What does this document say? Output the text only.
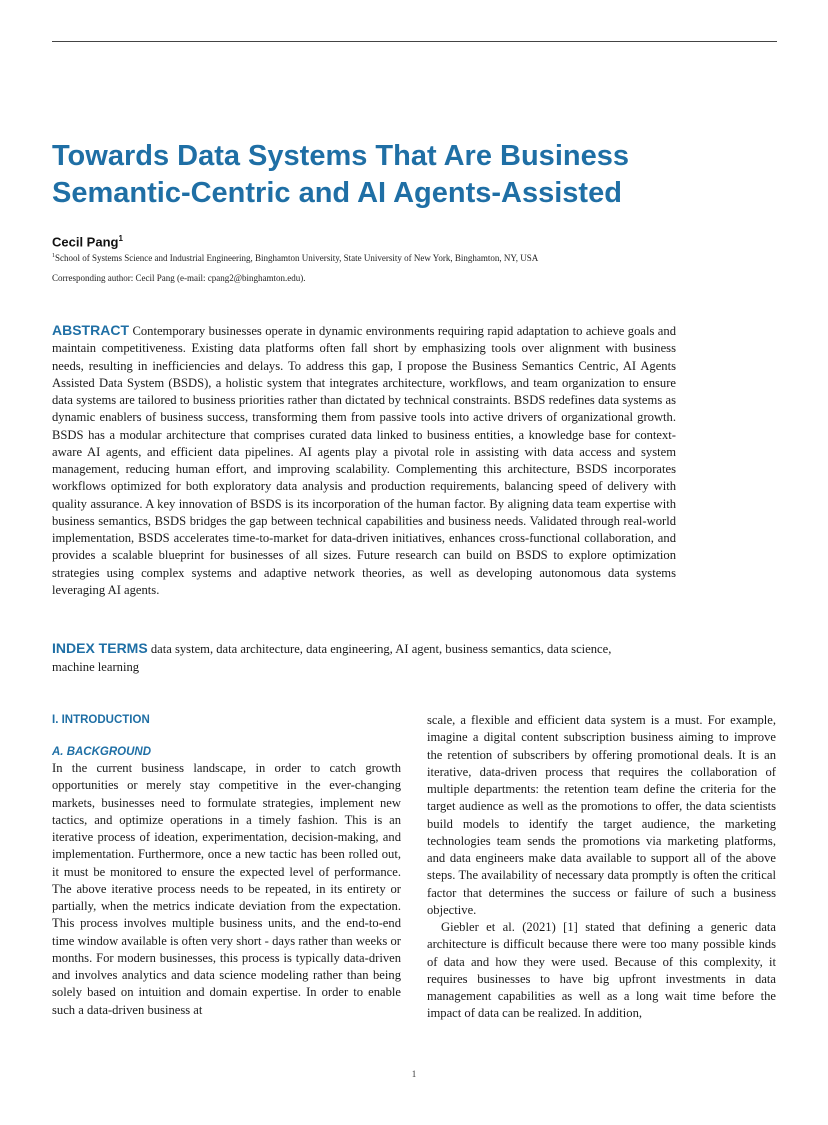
Towards Data Systems That Are Business
Semantic-Centric and AI Agents-Assisted
Cecil Pang$^1$
$^1$School of Systems Science and Industrial Engineering, Binghamton University, State University of New York, Binghamton, NY, USA
Corresponding author: Cecil Pang (e-mail: cpang2@binghamton.edu).

ABSTRACT Contemporary businesses operate in dynamic environments requiring rapid adaptation to achieve goals and maintain competitiveness. Existing data platforms often fall short by emphasizing tools over alignment with business needs, resulting in inefficiencies and delays. To address this gap, I propose the Business Semantics Centric, AI Agents Assisted Data System (BSDS), a holistic system that integrates architecture, workflows, and team organization to ensure data systems are tailored to business priorities rather than dictated by technical constraints. BSDS redefines data systems as dynamic enablers of business success, transforming them from passive tools into active drivers of organizational growth. BSDS has a modular architecture that comprises curated data linked to business entities, a knowledge base for context-aware AI agents, and efficient data pipelines. AI agents play a pivotal role in assisting with data access and system management, reducing human effort, and improving scalability. Complementing this architecture, BSDS incorporates workflows optimized for both exploratory data analysis and production requirements, balancing speed of delivery with quality assurance. A key innovation of BSDS is its incorporation of the human factor. By aligning data team expertise with business semantics, BSDS bridges the gap between technical capabilities and business needs. Validated through real-world implementation, BSDS accelerates time-to-market for data-driven initiatives, enhances cross-functional collaboration, and provides a scalable blueprint for businesses of all sizes. Future research can build on BSDS to explore optimization strategies using complex systems and adaptive network theories, as well as developing autonomous data systems leveraging AI agents.

INDEX TERMS data system, data architecture, data engineering, AI agent, business semantics, data science, machine learning

I. INTRODUCTION
A. BACKGROUND

In the current business landscape, in order to catch growth opportunities or merely stay competitive in the ever-changing markets, businesses need to formulate strategies, implement new tactics, and optimize operations in a timely fashion. This is an iterative process of ideation, experimentation, decision-making, and implementation. Furthermore, once a new tactic has been rolled out, it must be monitored to ensure the expected level of performance. The above iterative process needs to be repeated, in its entirety or partially, when the metrics indicate deviation from the expectation. This process involves multiple business units, and the end-to-end time window available is often very short - days rather than weeks or months. For modern businesses, this process is typically data-driven and involves analytics and data science modeling rather than being solely based on intuition and domain expertise. In order to enable such a data-driven business at

scale, a flexible and efficient data system is a must. For example, imagine a digital content subscription business aiming to improve the retention of subscribers by offering promotional deals. It is an iterative, data-driven process that requires the collaboration of multiple departments: the retention team define the criteria for the target audience as well as the promotions to offer, the data scientists build models to identify the target audience, the marketing technologies team sends the promotions via marketing platforms, and data engineers make data available to support all of the above steps. The availability of necessary data promptly is often the critical factor that determines the success or failure of such a business objective.

Giebler et al. (2021) [1] stated that defining a generic data architecture is difficult because there were too many possible kinds of data and how they were used. Because of this complexity, it requires businesses to have big upfront investments in data management capabilities as well as a long wait time before the impact of data can be realized. In addition,

1
